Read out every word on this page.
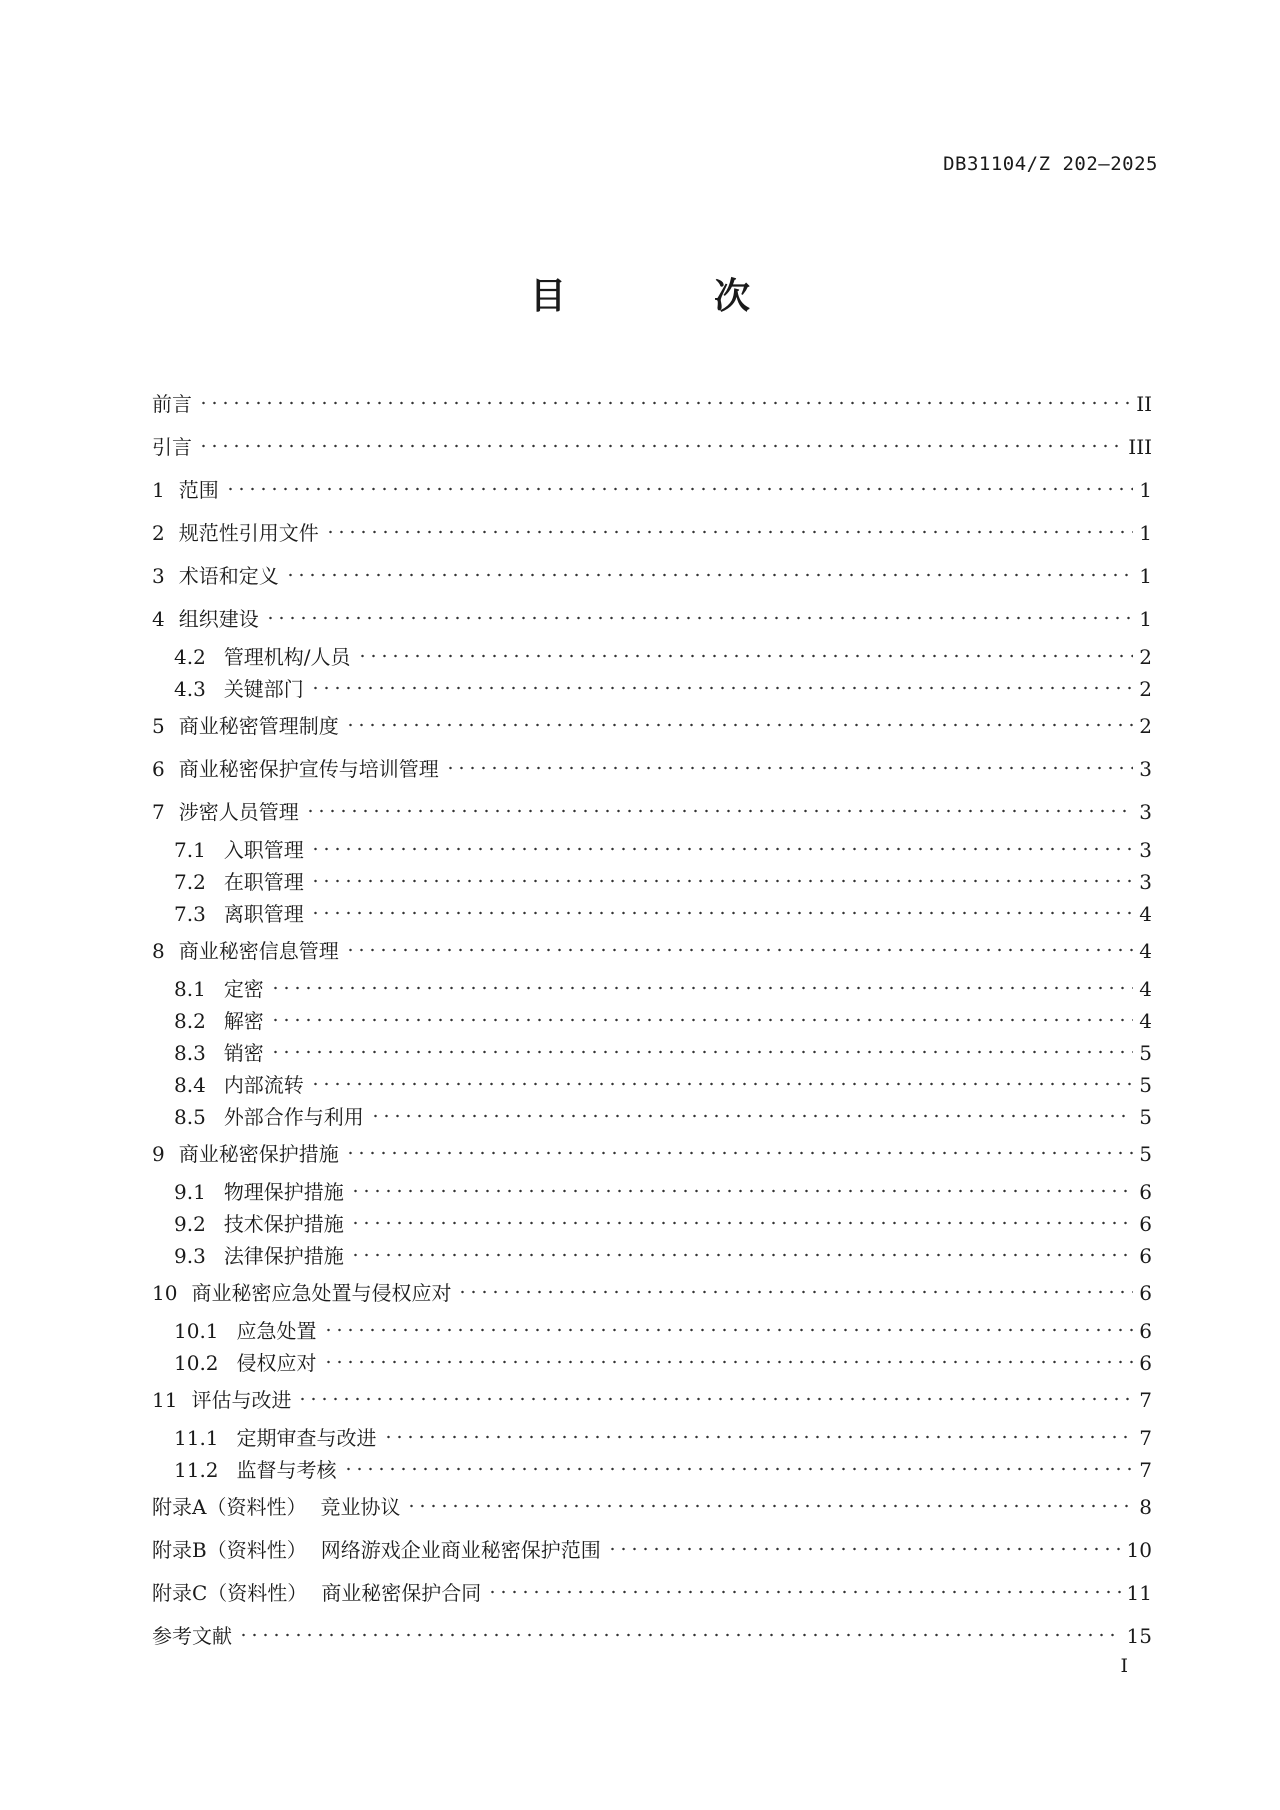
DB31104/Z 202—2025
目　次
前言	II
引言	III
1 范围	1
2 规范性引用文件	1
3 术语和定义	1
4 组织建设	1
4.2 管理机构/人员	2
4.3 关键部门	2
5 商业秘密管理制度	2
6 商业秘密保护宣传与培训管理	3
7 涉密人员管理	3
7.1 入职管理	3
7.2 在职管理	3
7.3 离职管理	4
8 商业秘密信息管理	4
8.1 定密	4
8.2 解密	4
8.3 销密	5
8.4 内部流转	5
8.5 外部合作与利用	5
9 商业秘密保护措施	5
9.1 物理保护措施	6
9.2 技术保护措施	6
9.3 法律保护措施	6
10 商业秘密应急处置与侵权应对	6
10.1 应急处置	6
10.2 侵权应对	6
11 评估与改进	7
11.1 定期审查与改进	7
11.2 监督与考核	7
附录A（资料性） 竞业协议	8
附录B（资料性） 网络游戏企业商业秘密保护范围	10
附录C（资料性） 商业秘密保护合同	11
参考文献	15
I
